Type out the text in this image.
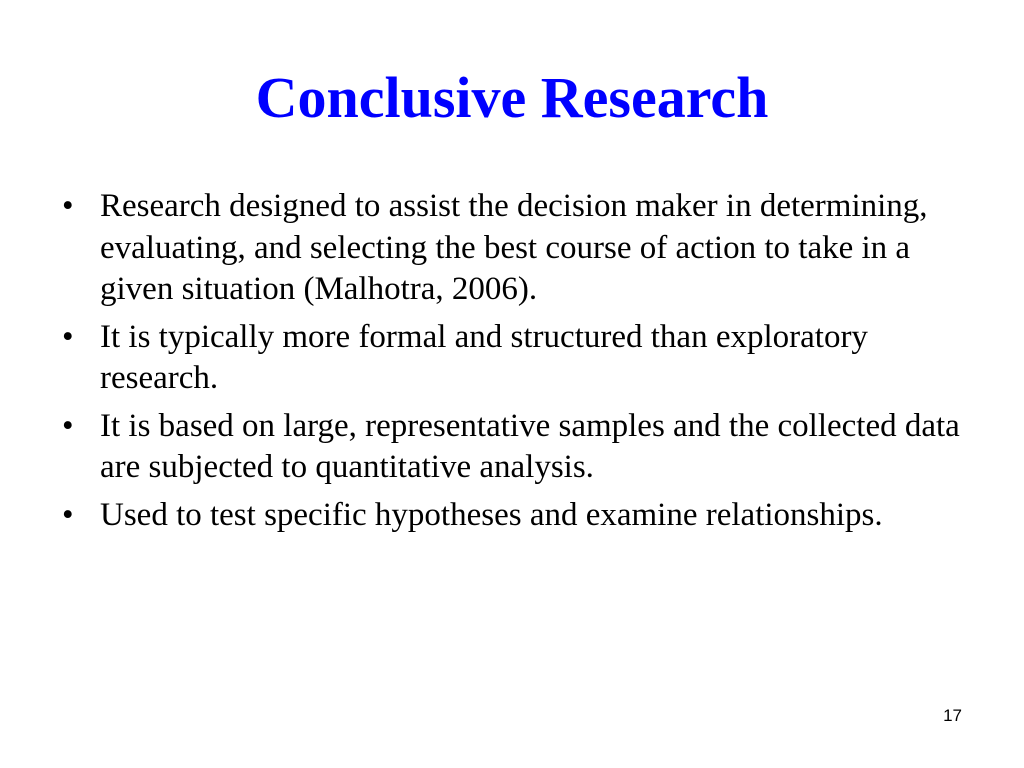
Conclusive Research
• Research designed to assist the decision maker in determining, evaluating, and selecting the best course of action to take in a given situation (Malhotra, 2006).
• It is typically more formal and structured than exploratory research.
• It is based on large, representative samples and the collected data are subjected to quantitative analysis.
• Used to test specific hypotheses and examine relationships.
17
